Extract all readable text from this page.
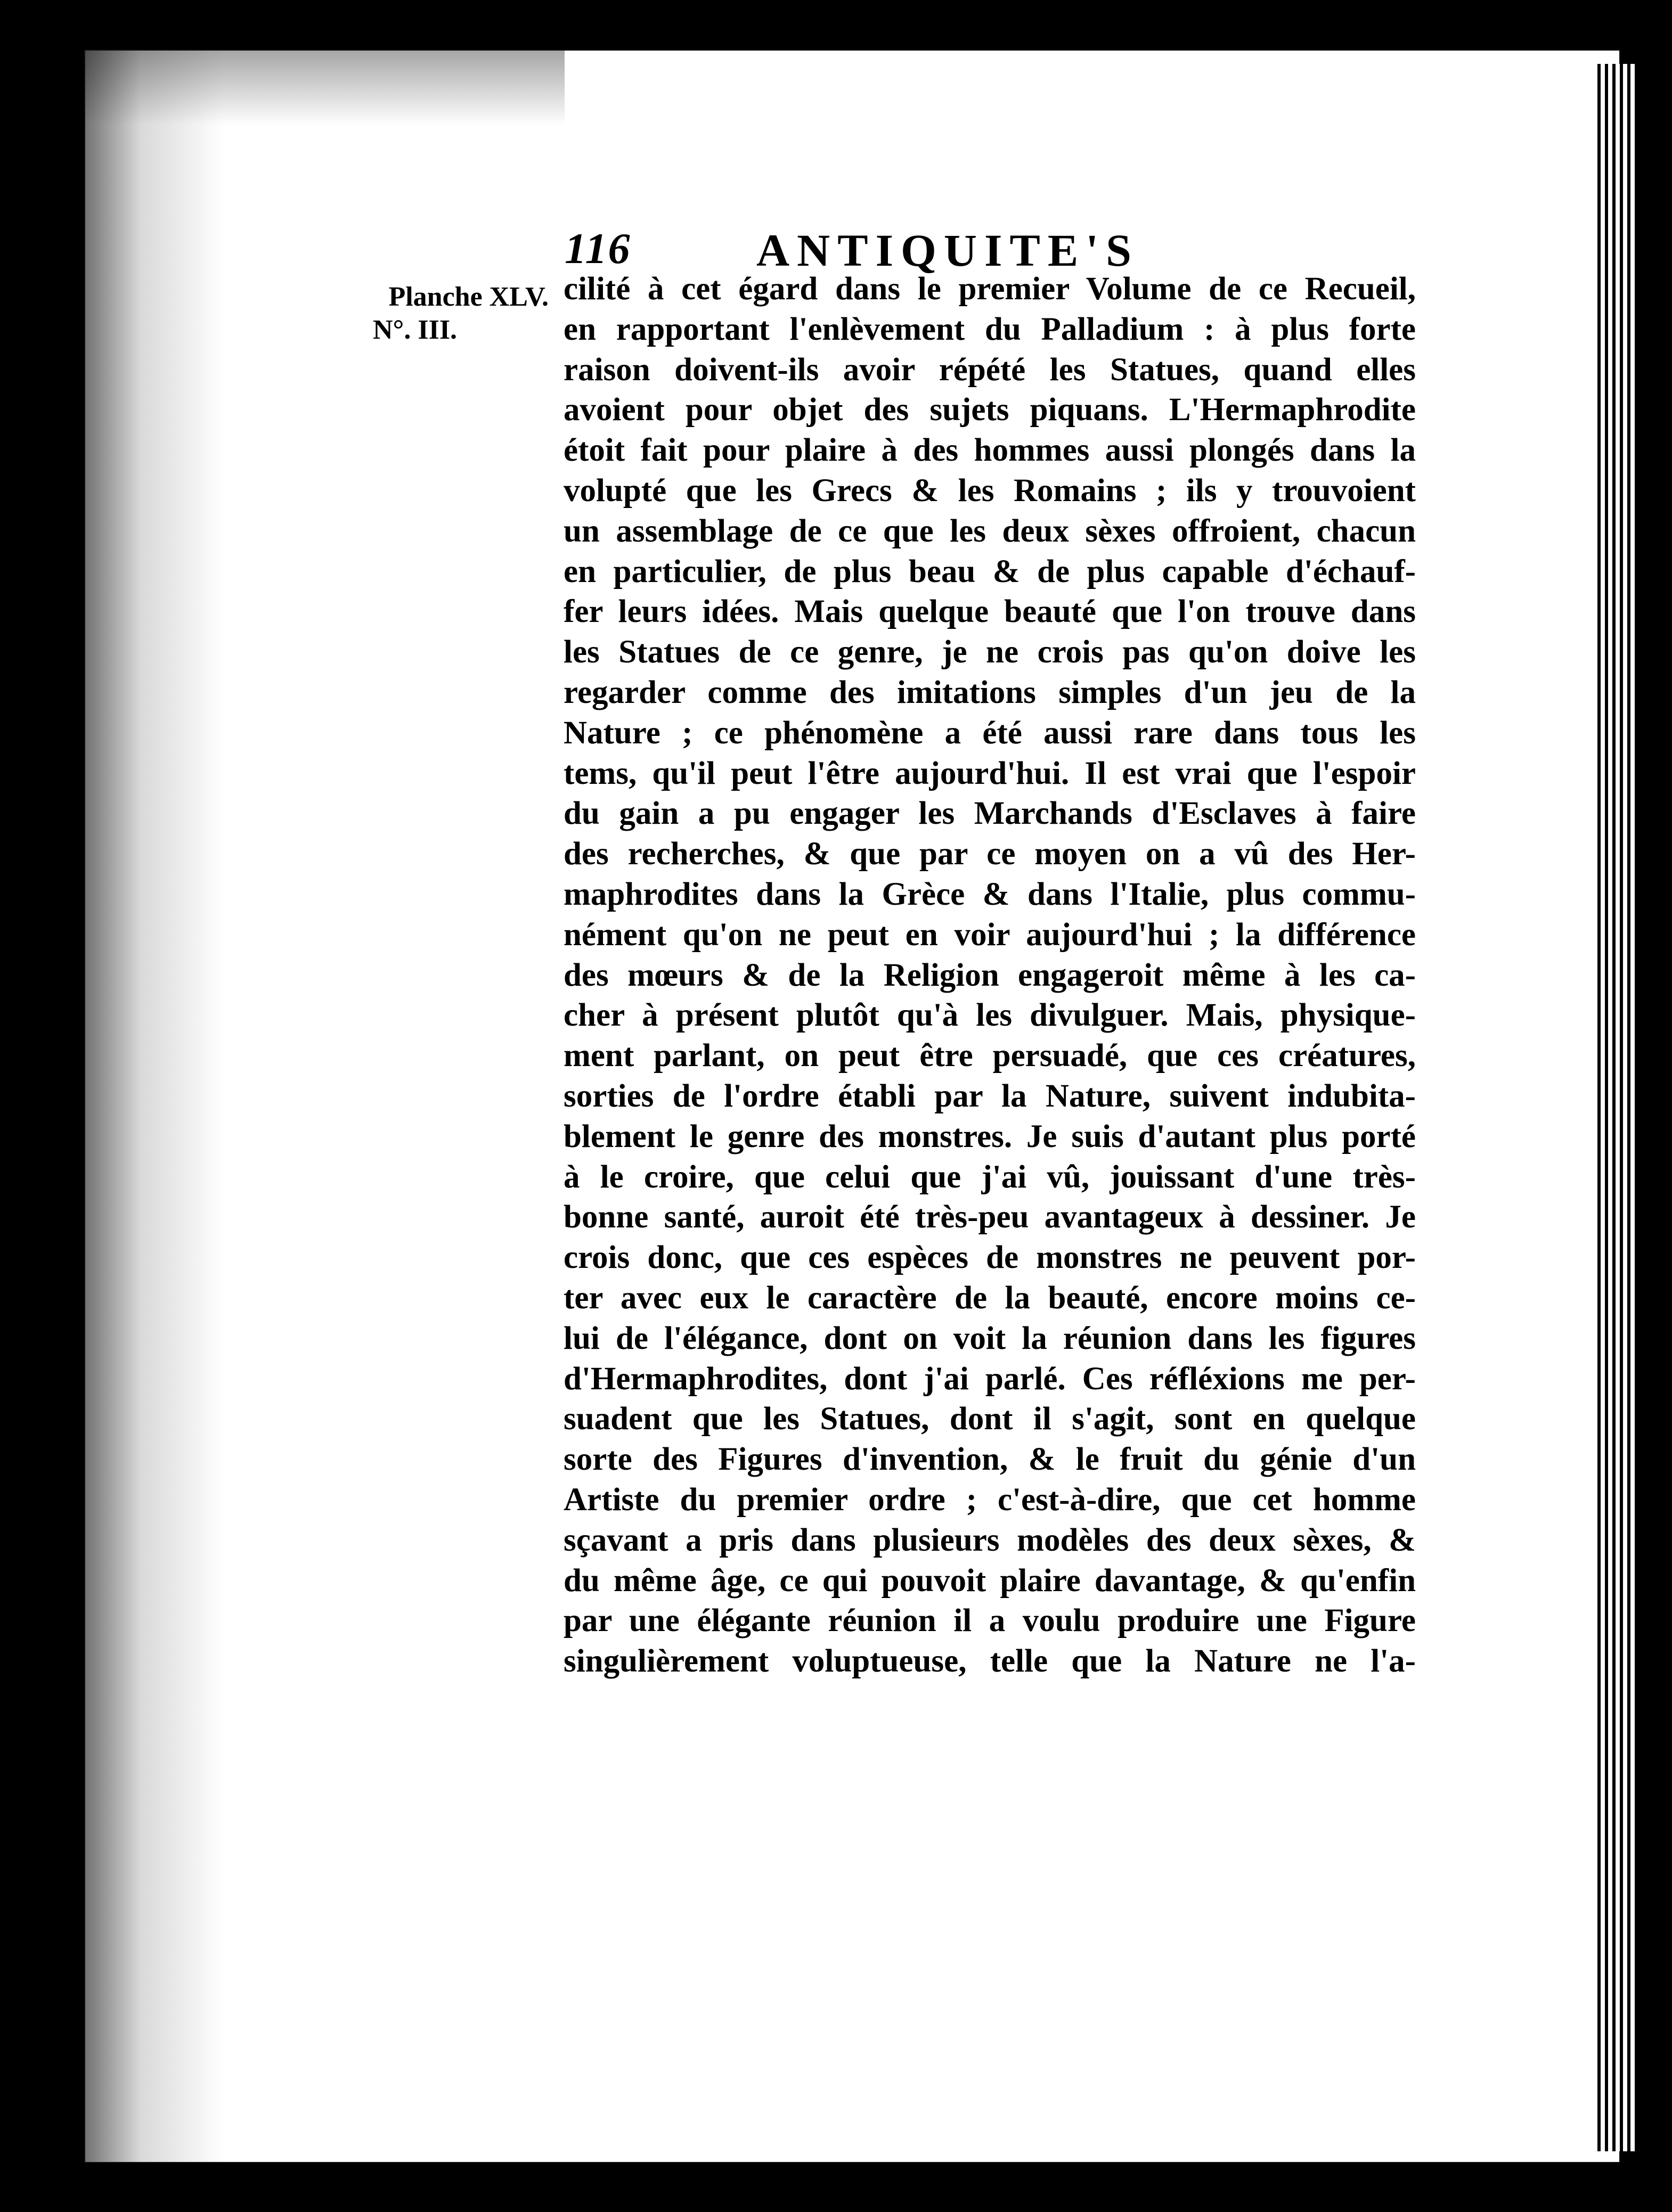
116	ANTIQUITE'S
Planche XLV.
N°. III.
cilité à cet égard dans le premier Volume de ce Recueil,
en rapportant l'enlèvement du Palladium : à plus forte
raison doivent-ils avoir répété les Statues, quand elles
avoient pour objet des sujets piquans. L'Hermaphrodite
étoit fait pour plaire à des hommes aussi plongés dans la
volupté que les Grecs & les Romains ; ils y trouvoient
un assemblage de ce que les deux sèxes offroient, chacun
en particulier, de plus beau & de plus capable d'échauf-
fer leurs idées. Mais quelque beauté que l'on trouve dans
les Statues de ce genre, je ne crois pas qu'on doive les
regarder comme des imitations simples d'un jeu de la
Nature ; ce phénomène a été aussi rare dans tous les
tems, qu'il peut l'être aujourd'hui. Il est vrai que l'espoir
du gain a pu engager les Marchands d'Esclaves à faire
des recherches, & que par ce moyen on a vû des Her-
maphrodites dans la Grèce & dans l'Italie, plus commu-
nément qu'on ne peut en voir aujourd'hui ; la différence
des mœurs & de la Religion engageroit même à les ca-
cher à présent plutôt qu'à les divulguer. Mais, physique-
ment parlant, on peut être persuadé, que ces créatures,
sorties de l'ordre établi par la Nature, suivent indubita-
blement le genre des monstres. Je suis d'autant plus porté
à le croire, que celui que j'ai vû, jouissant d'une très-
bonne santé, auroit été très-peu avantageux à dessiner. Je
crois donc, que ces espèces de monstres ne peuvent por-
ter avec eux le caractère de la beauté, encore moins ce-
lui de l'élégance, dont on voit la réunion dans les figures
d'Hermaphrodites, dont j'ai parlé. Ces réfléxions me per-
suadent que les Statues, dont il s'agit, sont en quelque
sorte des Figures d'invention, & le fruit du génie d'un
Artiste du premier ordre ; c'est-à-dire, que cet homme
sçavant a pris dans plusieurs modèles des deux sèxes, &
du même âge, ce qui pouvoit plaire davantage, & qu'enfin
par une élégante réunion il a voulu produire une Figure
singulièrement voluptueuse, telle que la Nature ne l'a-
